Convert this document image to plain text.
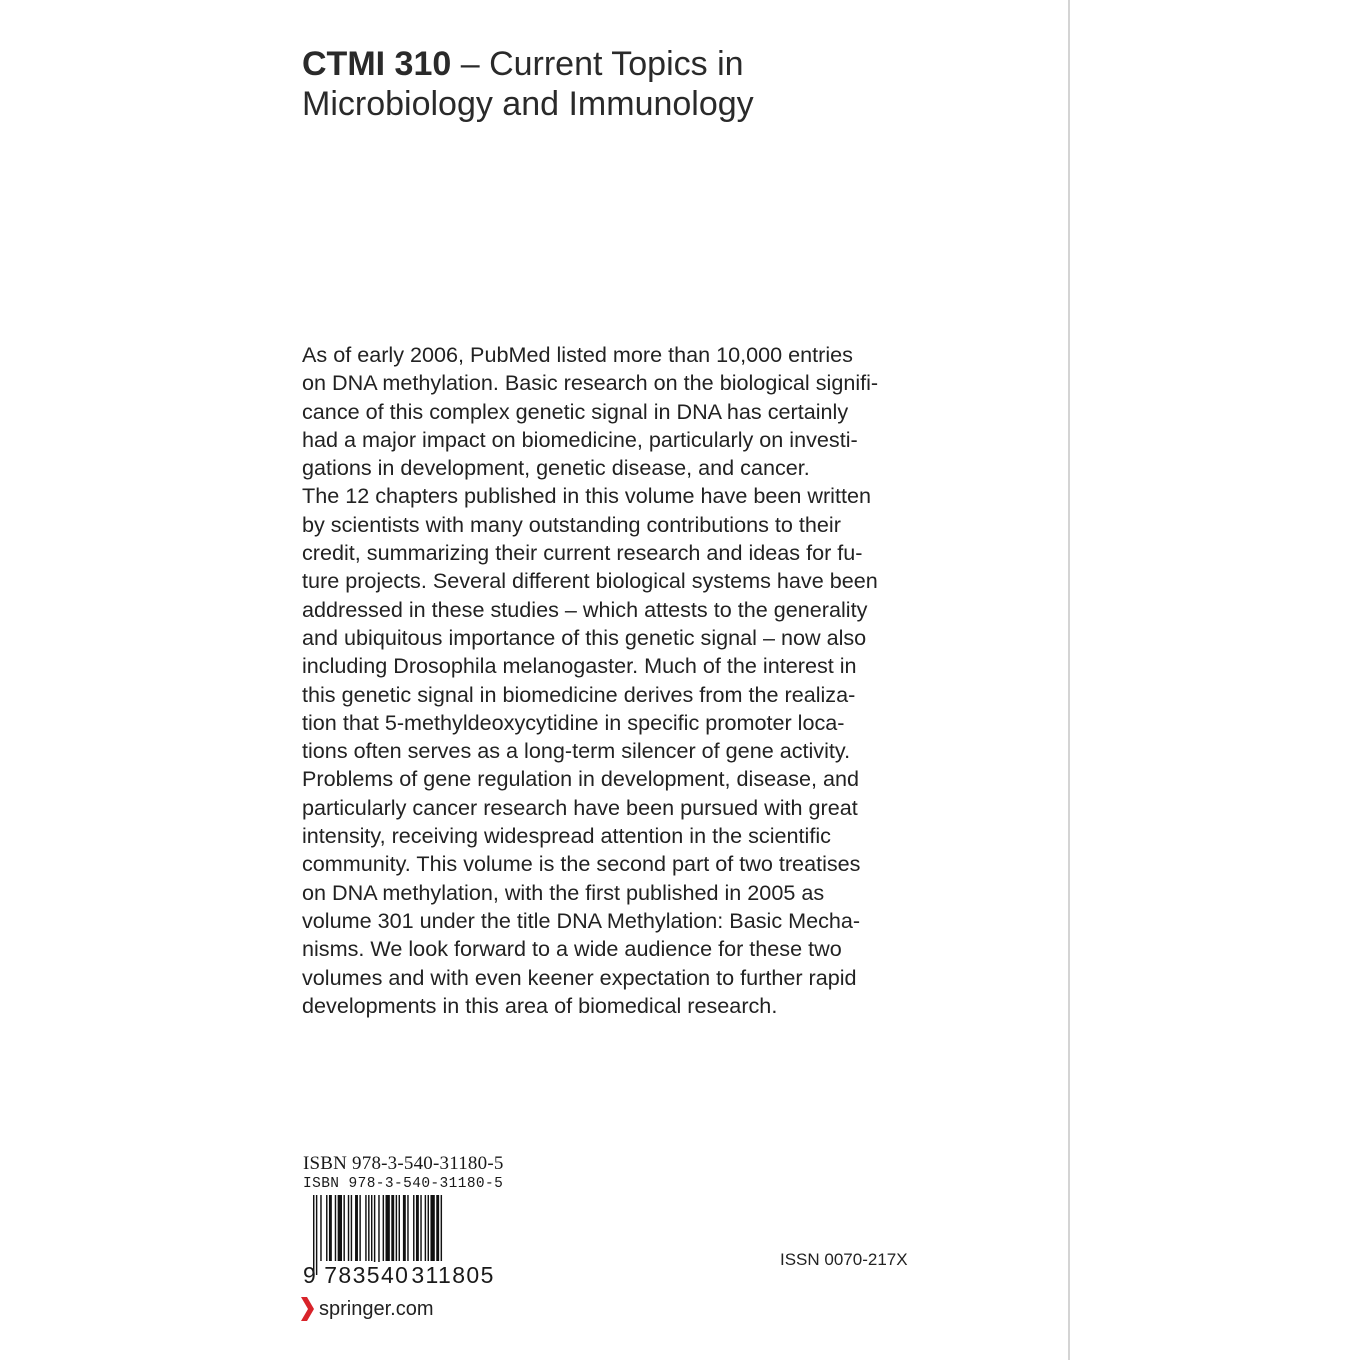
CTMI 310 – Current Topics in
Microbiology and Immunology
As of early 2006, PubMed listed more than 10,000 entries
on DNA methylation. Basic research on the biological signifi-
cance of this complex genetic signal in DNA has certainly
had a major impact on biomedicine, particularly on investi-
gations in development, genetic disease, and cancer.
The 12 chapters published in this volume have been written
by scientists with many outstanding contributions to their
credit, summarizing their current research and ideas for fu-
ture projects. Several different biological systems have been
addressed in these studies – which attests to the generality
and ubiquitous importance of this genetic signal – now also
including Drosophila melanogaster. Much of the interest in
this genetic signal in biomedicine derives from the realiza-
tion that 5-methyldeoxycytidine in specific promoter loca-
tions often serves as a long-term silencer of gene activity.
Problems of gene regulation in development, disease, and
particularly cancer research have been pursued with great
intensity, receiving widespread attention in the scientific
community. This volume is the second part of two treatises
on DNA methylation, with the first published in 2005 as
volume 301 under the title DNA Methylation: Basic Mecha-
nisms. We look forward to a wide audience for these two
volumes and with even keener expectation to further rapid
developments in this area of biomedical research.
ISBN 978-3-540-31180-5
ISBN 978-3-540-31180-5
9 783540311805
springer.com
ISSN 0070-217X
